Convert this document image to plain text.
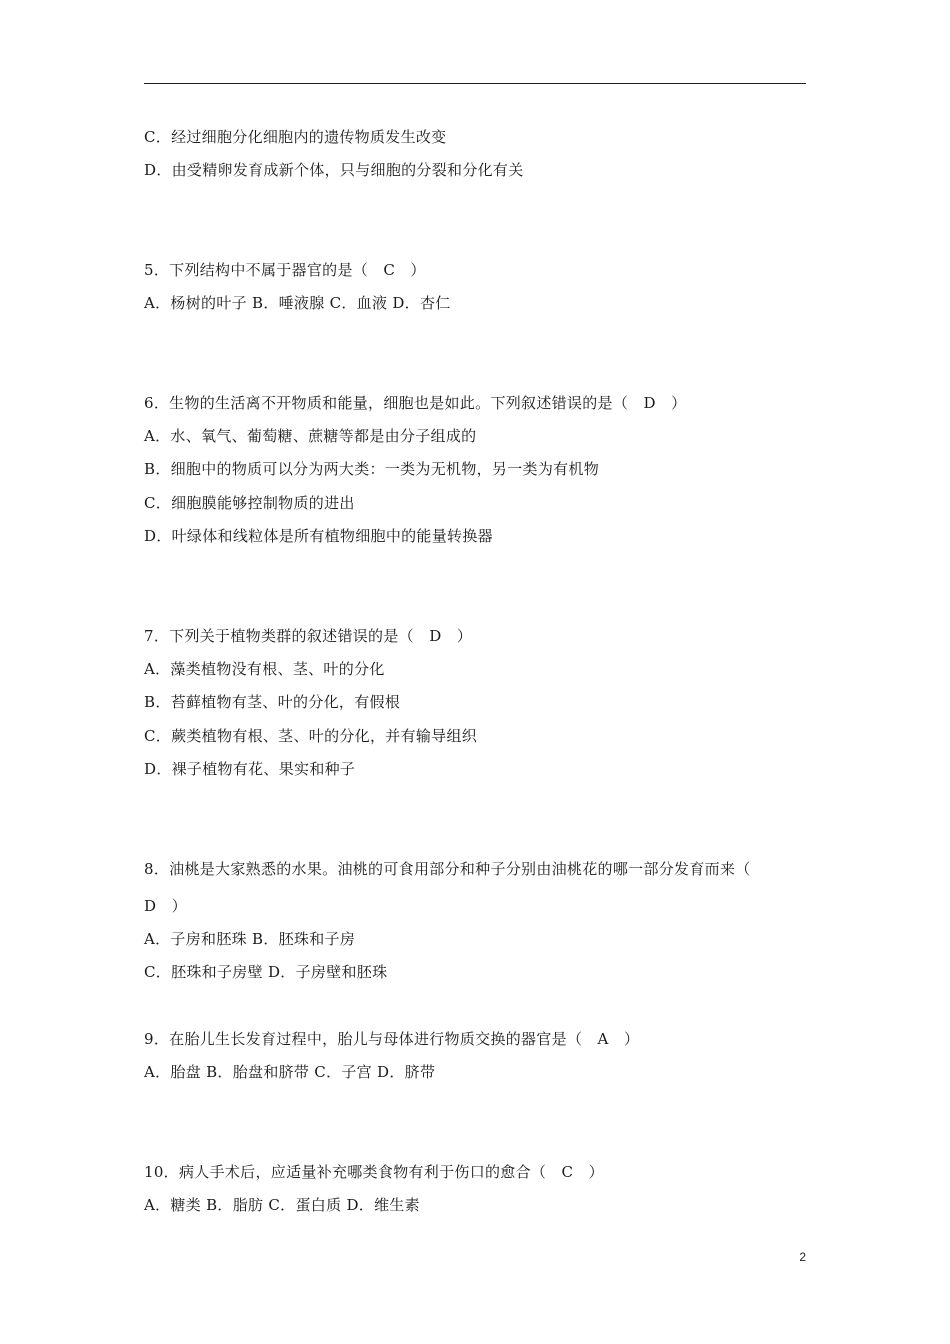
C．经过细胞分化细胞内的遗传物质发生改变
D．由受精卵发育成新个体，只与细胞的分裂和分化有关
5．下列结构中不属于器官的是（　C　）
A．杨树的叶子 B．唾液腺 C．血液 D．杏仁
6．生物的生活离不开物质和能量，细胞也是如此。下列叙述错误的是（　D　）
A．水、氧气、葡萄糖、蔗糖等都是由分子组成的
B．细胞中的物质可以分为两大类：一类为无机物，另一类为有机物
C．细胞膜能够控制物质的进出
D．叶绿体和线粒体是所有植物细胞中的能量转换器
7．下列关于植物类群的叙述错误的是（　D　）
A．藻类植物没有根、茎、叶的分化
B．苔藓植物有茎、叶的分化，有假根
C．蕨类植物有根、茎、叶的分化，并有输导组织
D．裸子植物有花、果实和种子
8．油桃是大家熟悉的水果。油桃的可食用部分和种子分别由油桃花的哪一部分发育而来（
D　）
A．子房和胚珠 B．胚珠和子房
C．胚珠和子房壁 D．子房壁和胚珠
9．在胎儿生长发育过程中，胎儿与母体进行物质交换的器官是（　A　）
A．胎盘 B．胎盘和脐带 C．子宫 D．脐带
10．病人手术后，应适量补充哪类食物有利于伤口的愈合（　C　）
A．糖类 B．脂肪 C．蛋白质 D．维生素
2
